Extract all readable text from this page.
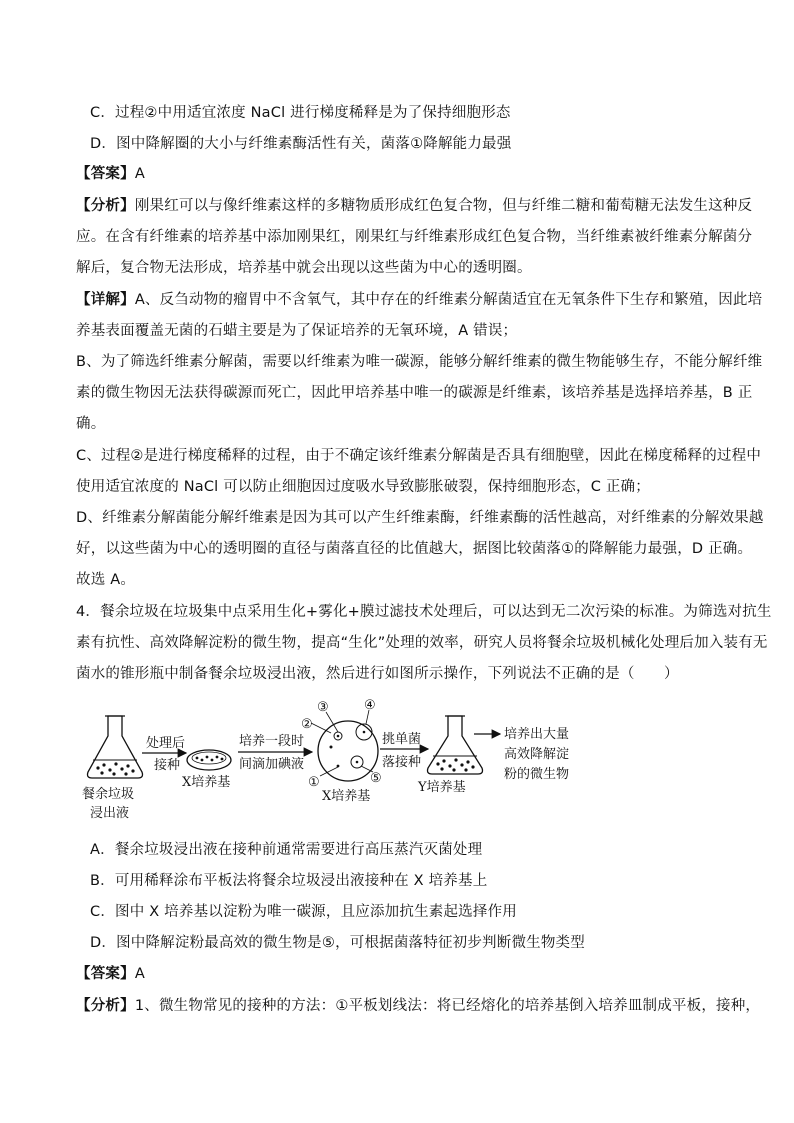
C．过程②中用适宜浓度 NaCl 进行梯度稀释是为了保持细胞形态
D．图中降解圈的大小与纤维素酶活性有关，菌落①降解能力最强
【答案】A
【分析】刚果红可以与像纤维素这样的多糖物质形成红色复合物，但与纤维二糖和葡萄糖无法发生这种反
应。在含有纤维素的培养基中添加刚果红，刚果红与纤维素形成红色复合物，当纤维素被纤维素分解菌分
解后，复合物无法形成，培养基中就会出现以这些菌为中心的透明圈。
【详解】A、反刍动物的瘤胃中不含氧气，其中存在的纤维素分解菌适宜在无氧条件下生存和繁殖，因此培
养基表面覆盖无菌的石蜡主要是为了保证培养的无氧环境，A 错误；
B、为了筛选纤维素分解菌，需要以纤维素为唯一碳源，能够分解纤维素的微生物能够生存，不能分解纤维
素的微生物因无法获得碳源而死亡，因此甲培养基中唯一的碳源是纤维素，该培养基是选择培养基，B 正
确。
C、过程②是进行梯度稀释的过程，由于不确定该纤维素分解菌是否具有细胞壁，因此在梯度稀释的过程中
使用适宜浓度的 NaCl 可以防止细胞因过度吸水导致膨胀破裂，保持细胞形态，C 正确；
D、纤维素分解菌能分解纤维素是因为其可以产生纤维素酶，纤维素酶的活性越高，对纤维素的分解效果越
好，以这些菌为中心的透明圈的直径与菌落直径的比值越大，据图比较菌落①的降解能力最强，D 正确。
故选 A。
4．餐余垃圾在垃圾集中点采用生化+雾化+膜过滤技术处理后，可以达到无二次污染的标准。为筛选对抗生
素有抗性、高效降解淀粉的微生物，提高“生化”处理的效率，研究人员将餐余垃圾机械化处理后加入装有无
菌水的锥形瓶中制备餐余垃圾浸出液，然后进行如图所示操作，下列说法不正确的是（　　）
餐余垃圾
浸出液
处理后
接种
X培养基
培养一段时
间滴加碘液
②
③	④
①	⑤
X培养基
挑单菌
落接种
Y培养基
培养出大量
高效降解淀
粉的微生物
A．餐余垃圾浸出液在接种前通常需要进行高压蒸汽灭菌处理
B．可用稀释涂布平板法将餐余垃圾浸出液接种在 X 培养基上
C．图中 X 培养基以淀粉为唯一碳源，且应添加抗生素起选择作用
D．图中降解淀粉最高效的微生物是⑤，可根据菌落特征初步判断微生物类型
【答案】A
【分析】1、微生物常见的接种的方法：①平板划线法：将已经熔化的培养基倒入培养皿制成平板，接种，
